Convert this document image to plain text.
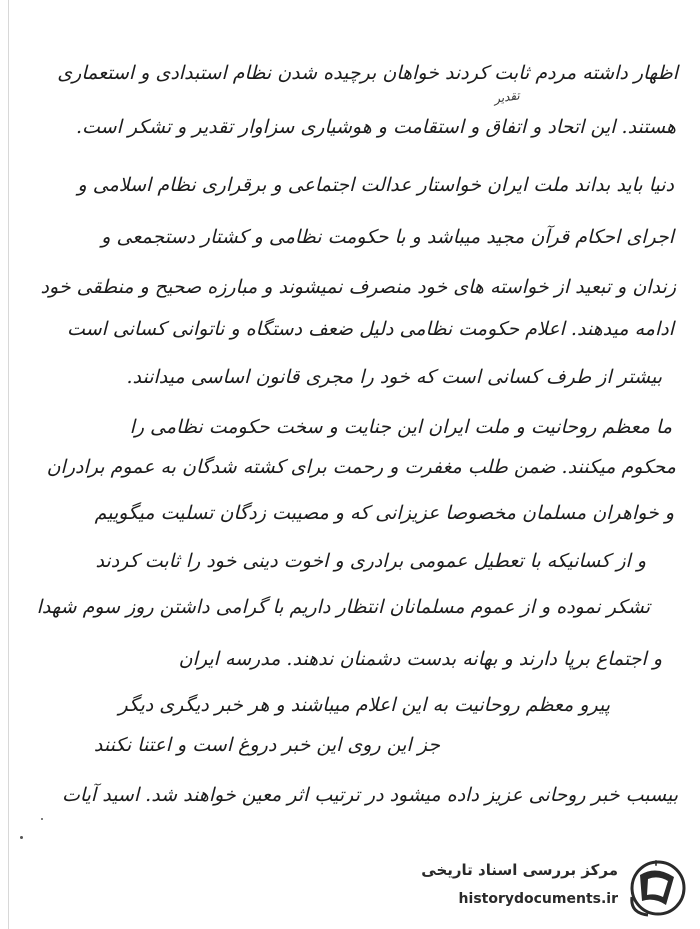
اظهار داشته مردم ثابت کردند خواهان برچیده شدن نظام استبدادی و استعماری
تقدیر
هستند. این اتحاد و اتفاق و استقامت و هوشیاری سزاوار تقدیر و تشکر است.
دنیا باید بداند ملت ایران خواستار عدالت اجتماعی و برقراری نظام اسلامی و
اجرای احکام قرآن مجید میباشد و با حکومت نظامی و کشتار دستجمعی و
زندان و تبعید از خواسته های خود منصرف نمیشوند و مبارزه صحیح و منطقی خود
ادامه میدهند. اعلام حکومت نظامی دلیل ضعف دستگاه و ناتوانی کسانی است
بیشتر از طرف کسانی است که خود را مجری قانون اساسی میدانند.
ما معظم روحانیت و ملت ایران این جنایت و سخت حکومت نظامی را
محکوم میکنند. ضمن طلب مغفرت و رحمت برای کشته شدگان به عموم برادران
و خواهران مسلمان مخصوصا عزیزانی که و مصیبت زدگان تسلیت میگوییم
و از کسانیکه با تعطیل عمومی برادری و اخوت دینی خود را ثابت کردند
تشکر نموده و از عموم مسلمانان انتظار داریم با گرامی داشتن روز سوم شهدا
و اجتماع برپا دارند و بهانه بدست دشمنان ندهند. مدرسه ایران
پیرو معظم روحانیت به این اعلام میباشند و هر خبر دیگری دیگر
جز این روی این خبر دروغ است و اعتنا نکنند
بیسبب خبر روحانی عزیز داده میشود در ترتیب اثر معین خواهند شد. اسید آیات
مرکز بررسی اسناد تاریخی
historydocuments.ir
